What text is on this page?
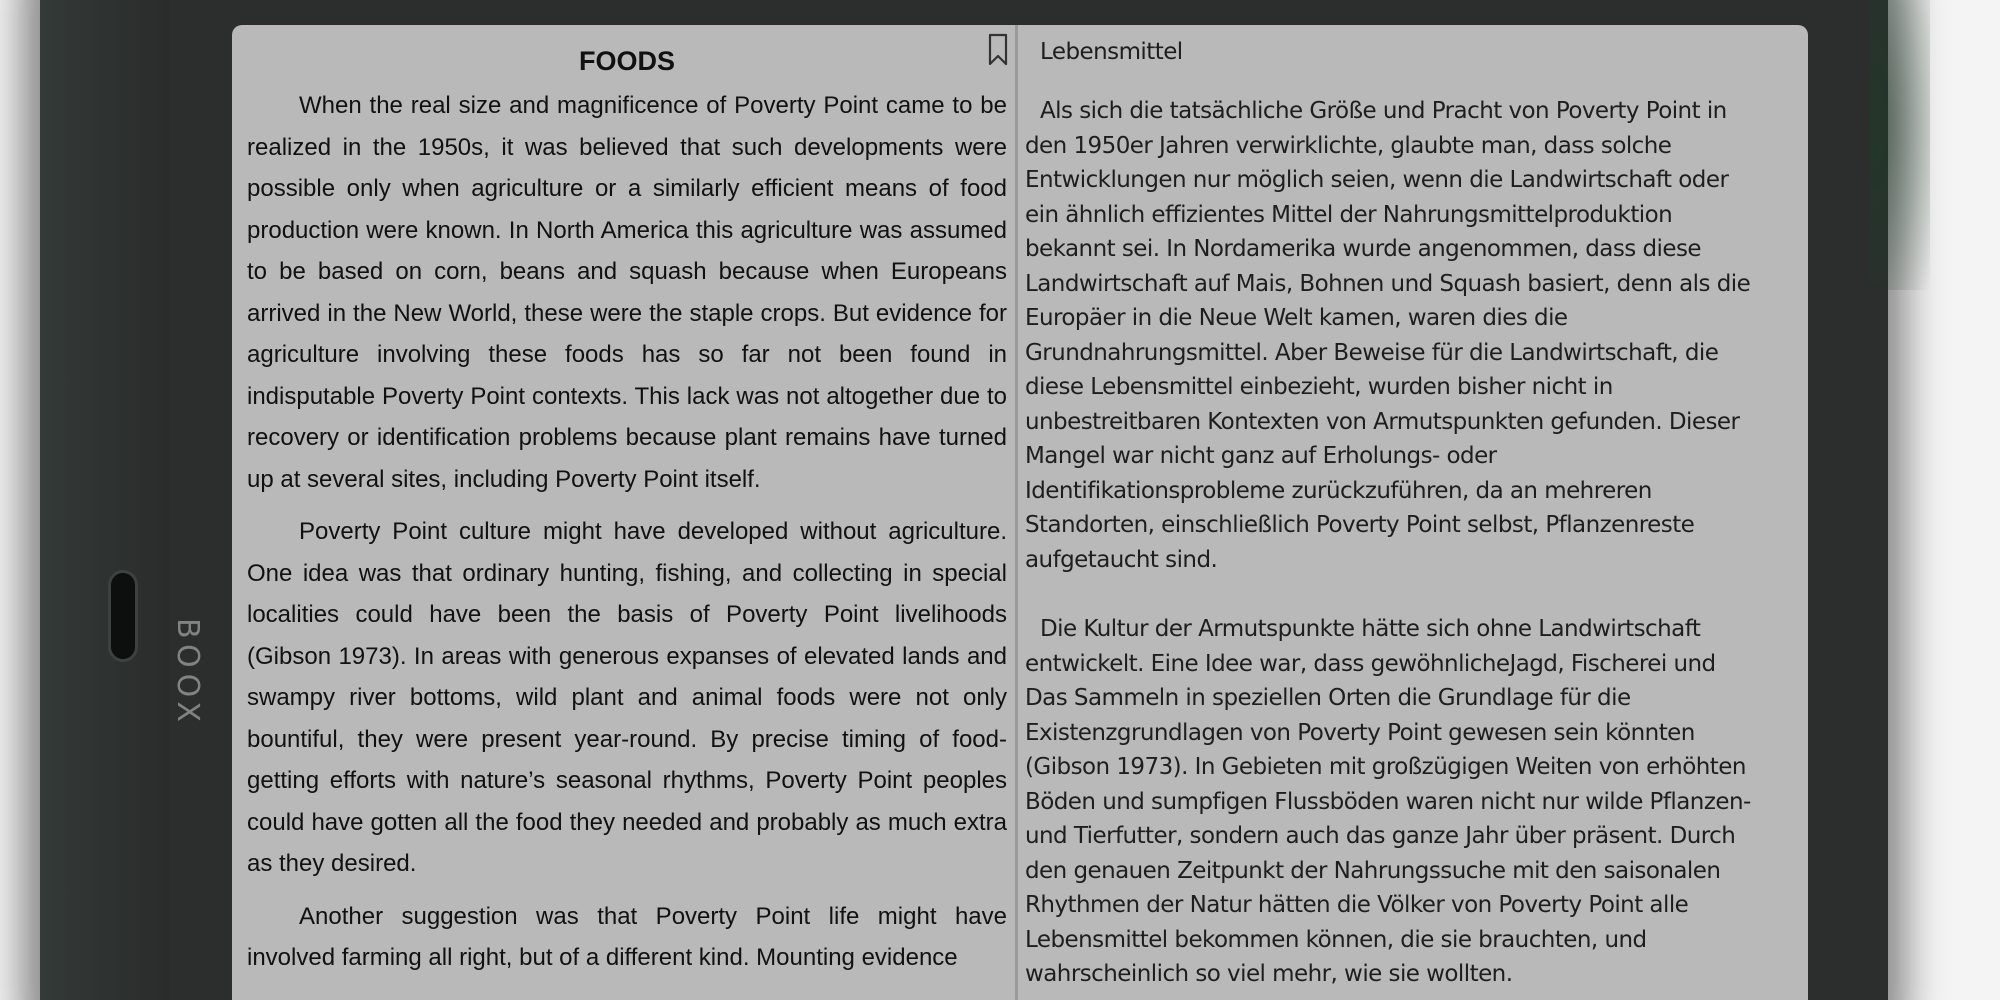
BOOX
FOODS

When the real size and magnificence of Poverty Point came to be realized in the 1950s, it was believed that such developments were possible only when agriculture or a similarly efficient means of food production were known. In North America this agriculture was assumed to be based on corn, beans and squash because when Europeans arrived in the New World, these were the staple crops. But evidence for agriculture involving these foods has so far not been found in indisputable Poverty Point contexts. This lack was not altogether due to recovery or identification problems because plant remains have turned up at several sites, including Poverty Point itself.

Poverty Point culture might have developed without agriculture. One idea was that ordinary hunting, fishing, and collecting in special localities could have been the basis of Poverty Point livelihoods (Gibson 1973). In areas with generous expanses of elevated lands and swampy river bottoms, wild plant and animal foods were not only bountiful, they were present year-round. By precise timing of food-getting efforts with nature’s seasonal rhythms, Poverty Point peoples could have gotten all the food they needed and probably as much extra as they desired.

Another suggestion was that Poverty Point life might have involved farming all right, but of a different kind. Mounting evidence

Lebensmittel

Als sich die tatsächliche Größe und Pracht von Poverty Point in
den 1950er Jahren verwirklichte, glaubte man, dass solche
Entwicklungen nur möglich seien, wenn die Landwirtschaft oder
ein ähnlich effizientes Mittel der Nahrungsmittelproduktion
bekannt sei. In Nordamerika wurde angenommen, dass diese
Landwirtschaft auf Mais, Bohnen und Squash basiert, denn als die
Europäer in die Neue Welt kamen, waren dies die
Grundnahrungsmittel. Aber Beweise für die Landwirtschaft, die
diese Lebensmittel einbezieht, wurden bisher nicht in
unbestreitbaren Kontexten von Armutspunkten gefunden. Dieser
Mangel war nicht ganz auf Erholungs- oder
Identifikationsprobleme zurückzuführen, da an mehreren
Standorten, einschließlich Poverty Point selbst, Pflanzenreste
aufgetaucht sind.

Die Kultur der Armutspunkte hätte sich ohne Landwirtschaft
entwickelt. Eine Idee war, dass gewöhnlicheJagd, Fischerei und
Das Sammeln in speziellen Orten die Grundlage für die
Existenzgrundlagen von Poverty Point gewesen sein könnten
(Gibson 1973). In Gebieten mit großzügigen Weiten von erhöhten
Böden und sumpfigen Flussböden waren nicht nur wilde Pflanzen-
und Tierfutter, sondern auch das ganze Jahr über präsent. Durch
den genauen Zeitpunkt der Nahrungssuche mit den saisonalen
Rhythmen der Natur hätten die Völker von Poverty Point alle
Lebensmittel bekommen können, die sie brauchten, und
wahrscheinlich so viel mehr, wie sie wollten.
